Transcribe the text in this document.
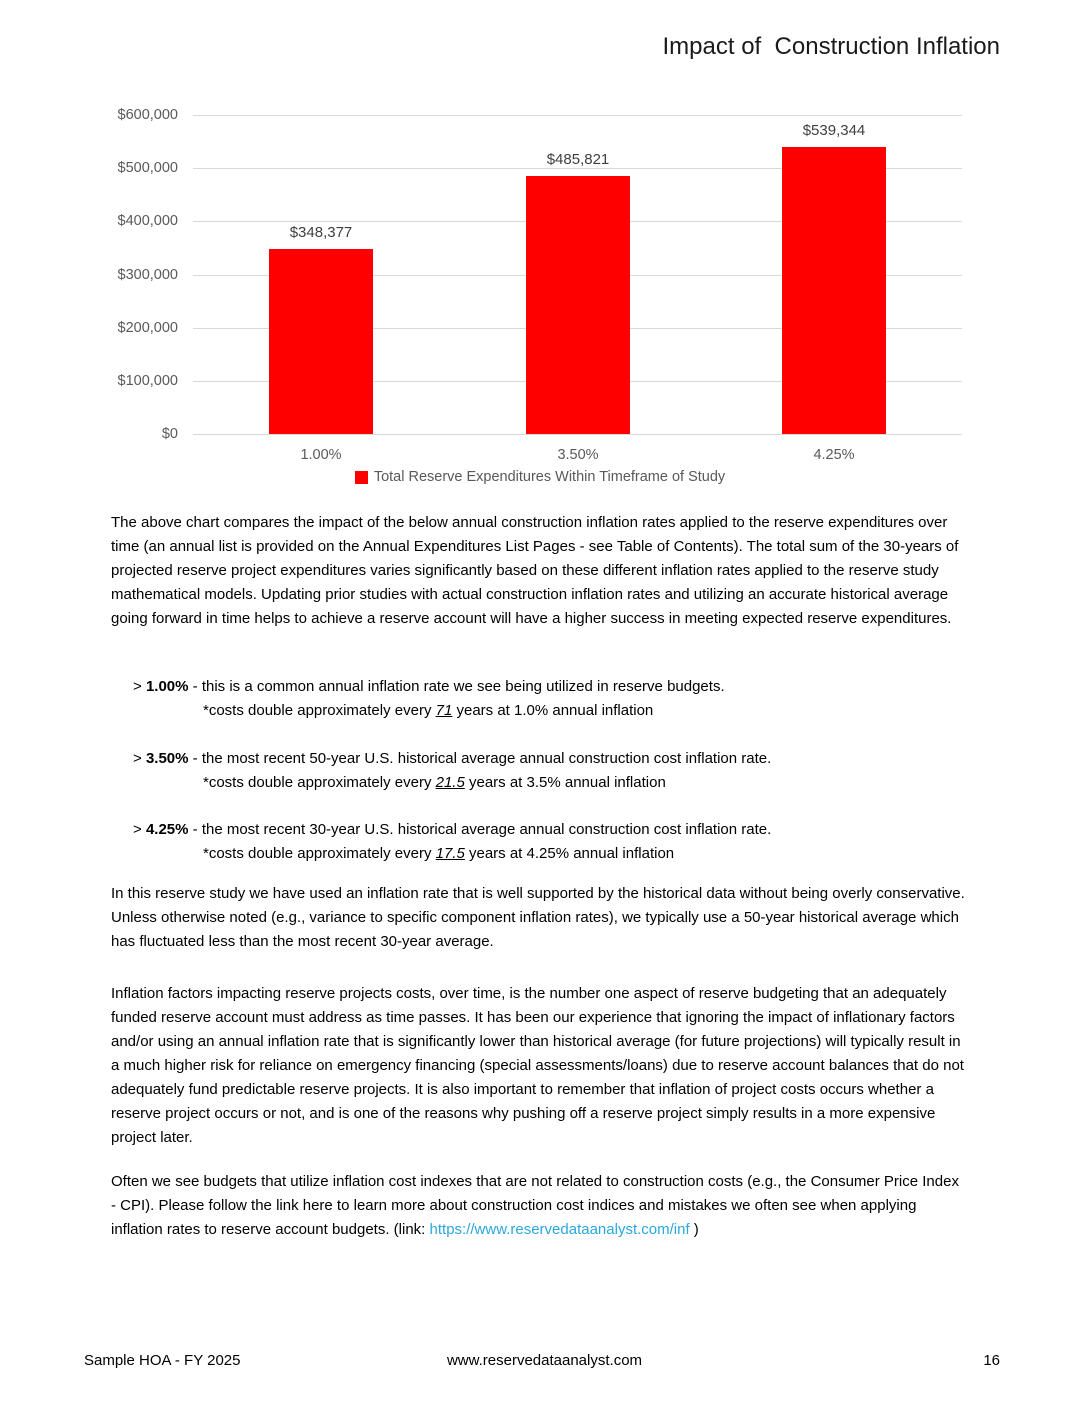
Impact of  Construction Inflation
Total Reserve Expenditures Within Timeframe of Study
$0
$100,000
$200,000
$300,000
$400,000
$500,000
$600,000
$348,377
1.00%
$485,821
3.50%
$539,344
4.25%
The above chart compares the impact of the below annual construction inflation rates applied to the reserve expenditures over time (an annual list is provided on the Annual Expenditures List Pages - see Table of Contents). The total sum of the 30-years of projected reserve project expenditures varies significantly based on these different inflation rates applied to the reserve study mathematical models. Updating prior studies with actual construction inflation rates and utilizing an accurate historical average going forward in time helps to achieve a reserve account will have a higher success in meeting expected reserve expenditures.
> 1.00% - this is a common annual inflation rate we see being utilized in reserve budgets.
*costs double approximately every 71 years at 1.0% annual inflation
> 3.50% - the most recent 50-year U.S. historical average annual construction cost inflation rate.
*costs double approximately every 21.5 years at 3.5% annual inflation
> 4.25% - the most recent 30-year U.S. historical average annual construction cost inflation rate.
*costs double approximately every 17.5 years at 4.25% annual inflation
In this reserve study we have used an inflation rate that is well supported by the historical data without being overly conservative. Unless otherwise noted (e.g., variance to specific component inflation rates), we typically use a 50-year historical average which has fluctuated less than the most recent 30-year average.
Inflation factors impacting reserve projects costs, over time, is the number one aspect of reserve budgeting that an adequately funded reserve account must address as time passes. It has been our experience that ignoring the impact of inflationary factors and/or using an annual inflation rate that is significantly lower than historical average (for future projections) will typically result in a much higher risk for reliance on emergency financing (special assessments/loans) due to reserve account balances that do not adequately fund predictable reserve projects. It is also important to remember that inflation of project costs occurs whether a reserve project occurs or not, and is one of the reasons why pushing off a reserve project simply results in a more expensive project later.
Often we see budgets that utilize inflation cost indexes that are not related to construction costs (e.g., the Consumer Price Index - CPI). Please follow the link here to learn more about construction cost indices and mistakes we often see when applying inflation rates to reserve account budgets. (link: https://www.reservedataanalyst.com/inf )
Sample HOA - FY 2025	www.reservedataanalyst.com	16
